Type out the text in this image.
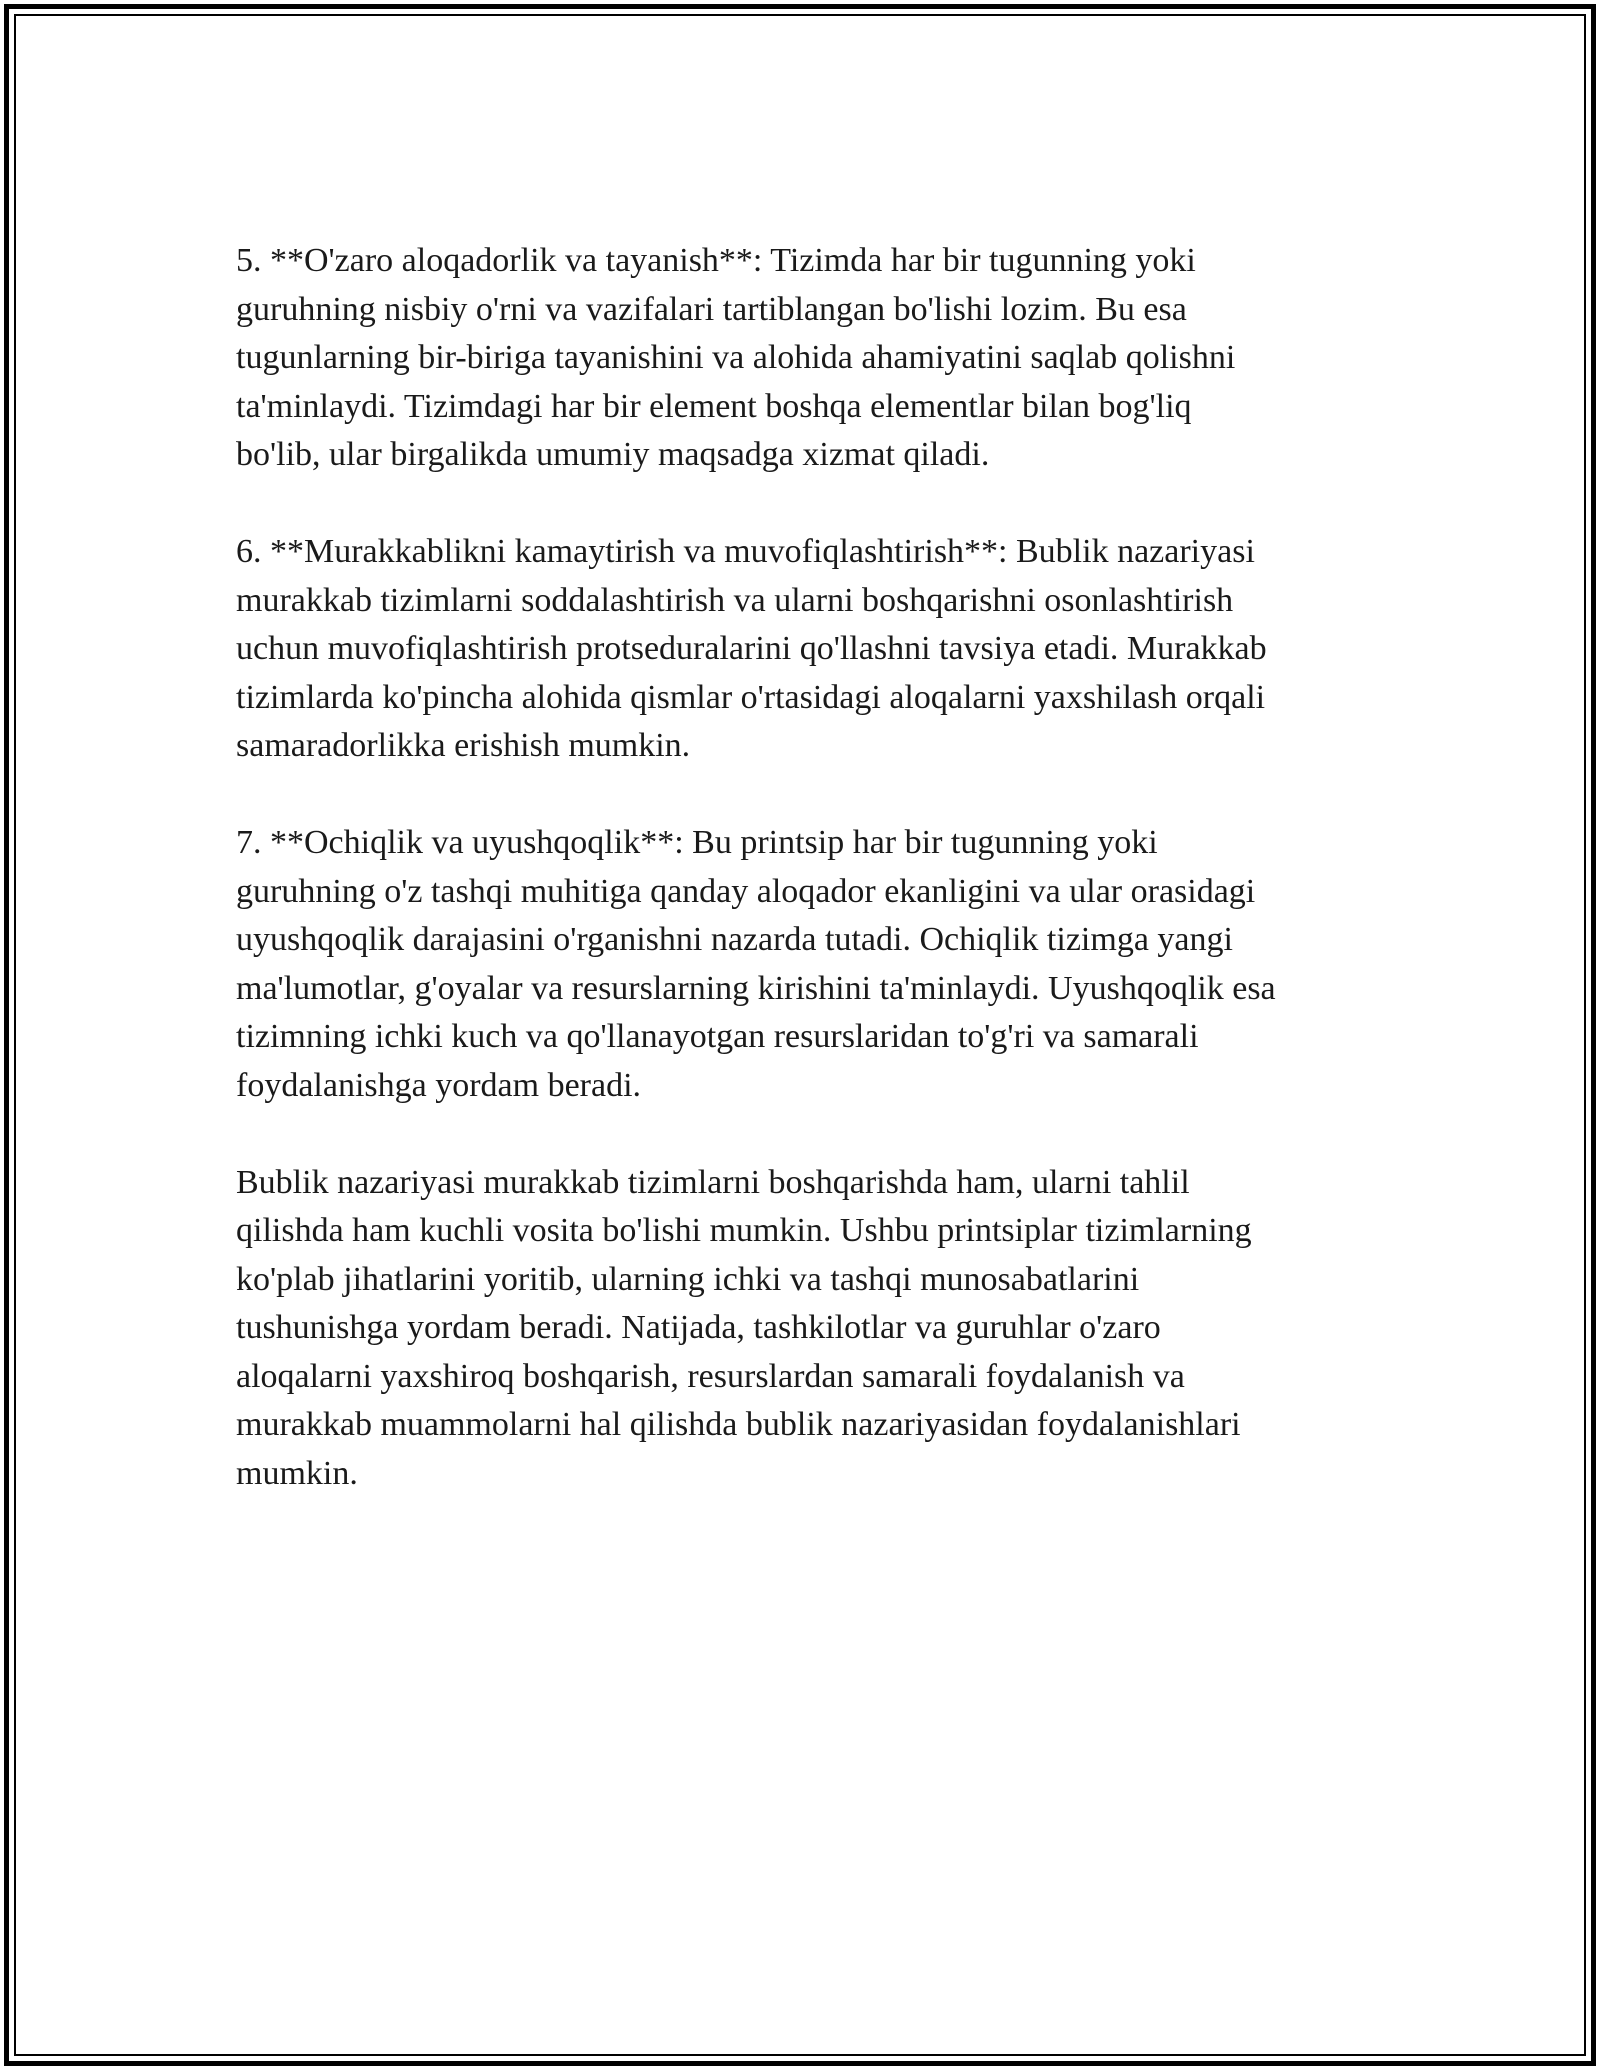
5. **O'zaro aloqadorlik va tayanish**: Tizimda har bir tugunning yoki
guruhning nisbiy o'rni va vazifalari tartiblangan bo'lishi lozim. Bu esa
tugunlarning bir-biriga tayanishini va alohida ahamiyatini saqlab qolishni
ta'minlaydi. Tizimdagi har bir element boshqa elementlar bilan bog'liq
bo'lib, ular birgalikda umumiy maqsadga xizmat qiladi.

6. **Murakkablikni kamaytirish va muvofiqlashtirish**: Bublik nazariyasi
murakkab tizimlarni soddalashtirish va ularni boshqarishni osonlashtirish
uchun muvofiqlashtirish protseduralarini qo'llashni tavsiya etadi. Murakkab
tizimlarda ko'pincha alohida qismlar o'rtasidagi aloqalarni yaxshilash orqali
samaradorlikka erishish mumkin.

7. **Ochiqlik va uyushqoqlik**: Bu printsip har bir tugunning yoki
guruhning o'z tashqi muhitiga qanday aloqador ekanligini va ular orasidagi
uyushqoqlik darajasini o'rganishni nazarda tutadi. Ochiqlik tizimga yangi
ma'lumotlar, g'oyalar va resurslarning kirishini ta'minlaydi. Uyushqoqlik esa
tizimning ichki kuch va qo'llanayotgan resurslaridan to'g'ri va samarali
foydalanishga yordam beradi.

Bublik nazariyasi murakkab tizimlarni boshqarishda ham, ularni tahlil
qilishda ham kuchli vosita bo'lishi mumkin. Ushbu printsiplar tizimlarning
ko'plab jihatlarini yoritib, ularning ichki va tashqi munosabatlarini
tushunishga yordam beradi. Natijada, tashkilotlar va guruhlar o'zaro
aloqalarni yaxshiroq boshqarish, resurslardan samarali foydalanish va
murakkab muammolarni hal qilishda bublik nazariyasidan foydalanishlari
mumkin.
